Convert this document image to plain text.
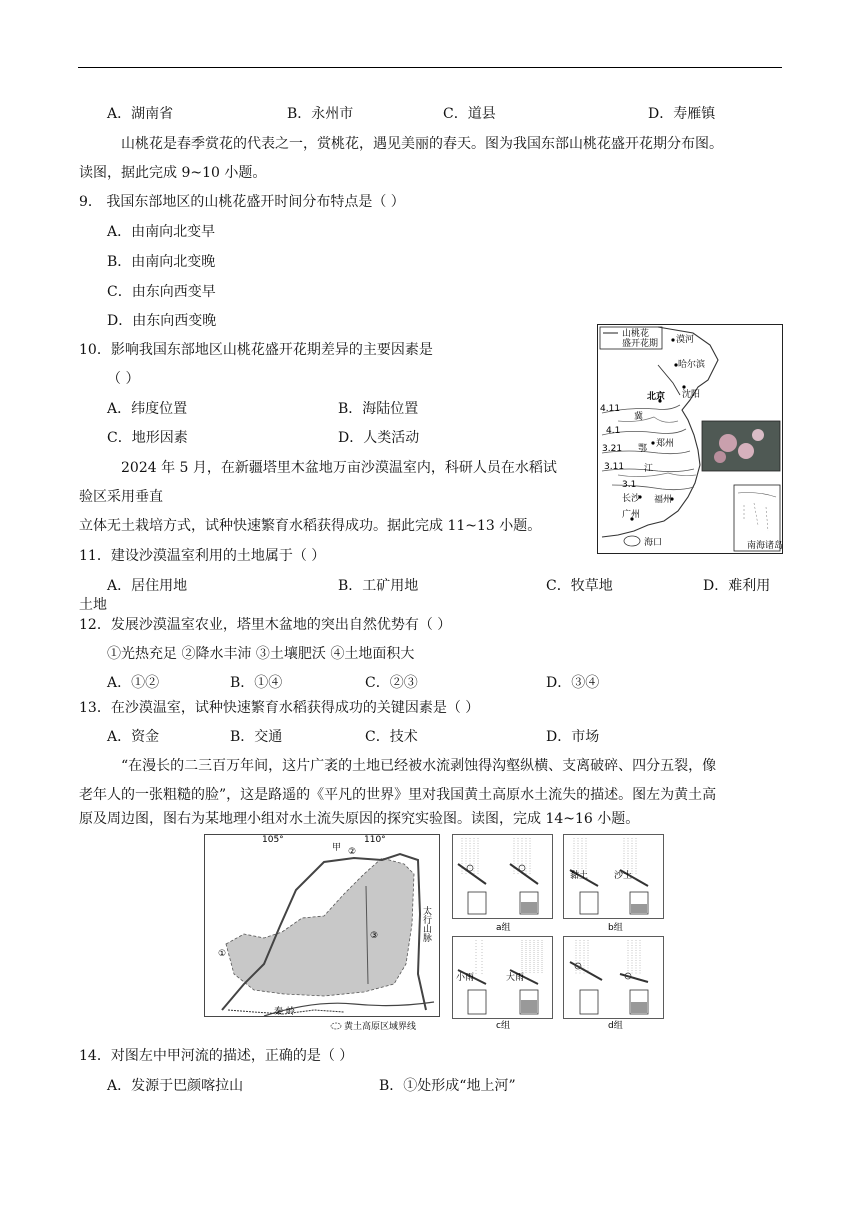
A．湖南省	B．永州市	C．道县	D．寿雁镇
山桃花是春季赏花的代表之一，赏桃花，遇见美丽的春天。图为我国东部山桃花盛开花期分布图。
读图，据此完成 9~10 小题。
9． 我国东部地区的山桃花盛开时间分布特点是（ ）
A．由南向北变早
B．由南向北变晚
C．由东向西变早
D．由东向西变晚
10．影响我国东部地区山桃花盛开花期差异的主要因素是
（ ）
A．纬度位置	B．海陆位置
C．地形因素	D．人类活动
2024 年 5 月，在新疆塔里木盆地万亩沙漠温室内，科研人员在水稻试
验区采用垂直
立体无土栽培方式，试种快速繁育水稻获得成功。据此完成 11~13 小题。
11．建设沙漠温室利用的土地属于（ ）
A．居住用地	B．工矿用地	C．牧草地	D．难利用
土地
12．发展沙漠温室农业，塔里木盆地的突出自然优势有（ ）
①光热充足 ②降水丰沛 ③土壤肥沃 ④土地面积大
A．①②	B．①④	C．②③	D．③④
13．在沙漠温室，试种快速繁育水稻获得成功的关键因素是（ ）
A．资金	B．交通	C．技术	D．市场
“在漫长的二三百万年间，这片广袤的土地已经被水流剥蚀得沟壑纵横、支离破碎、四分五裂，像
老年人的一张粗糙的脸”，这是路遥的《平凡的世界》里对我国黄土高原水土流失的描述。图左为黄土高
原及周边图，图右为某地理小组对水土流失原因的探究实验图。读图，完成 14~16 小题。
14．对图左中甲河流的描述，正确的是（ ）
A．发源于巴颜喀拉山	B．①处形成“地上河”
山桃花
盛开花期
4.11
4.1
3.21
3.11
3.1
冀
鄂
江
漠河
哈尔滨
北京 沈阳
郑州
长沙 福州
广州
海口	南海诸岛
105°	110°
甲 ②
①
③	太行山脉
秦 岭
黄土高原区域界线
a组
黏土	沙土
b组
小雨	大雨
c组	d组
